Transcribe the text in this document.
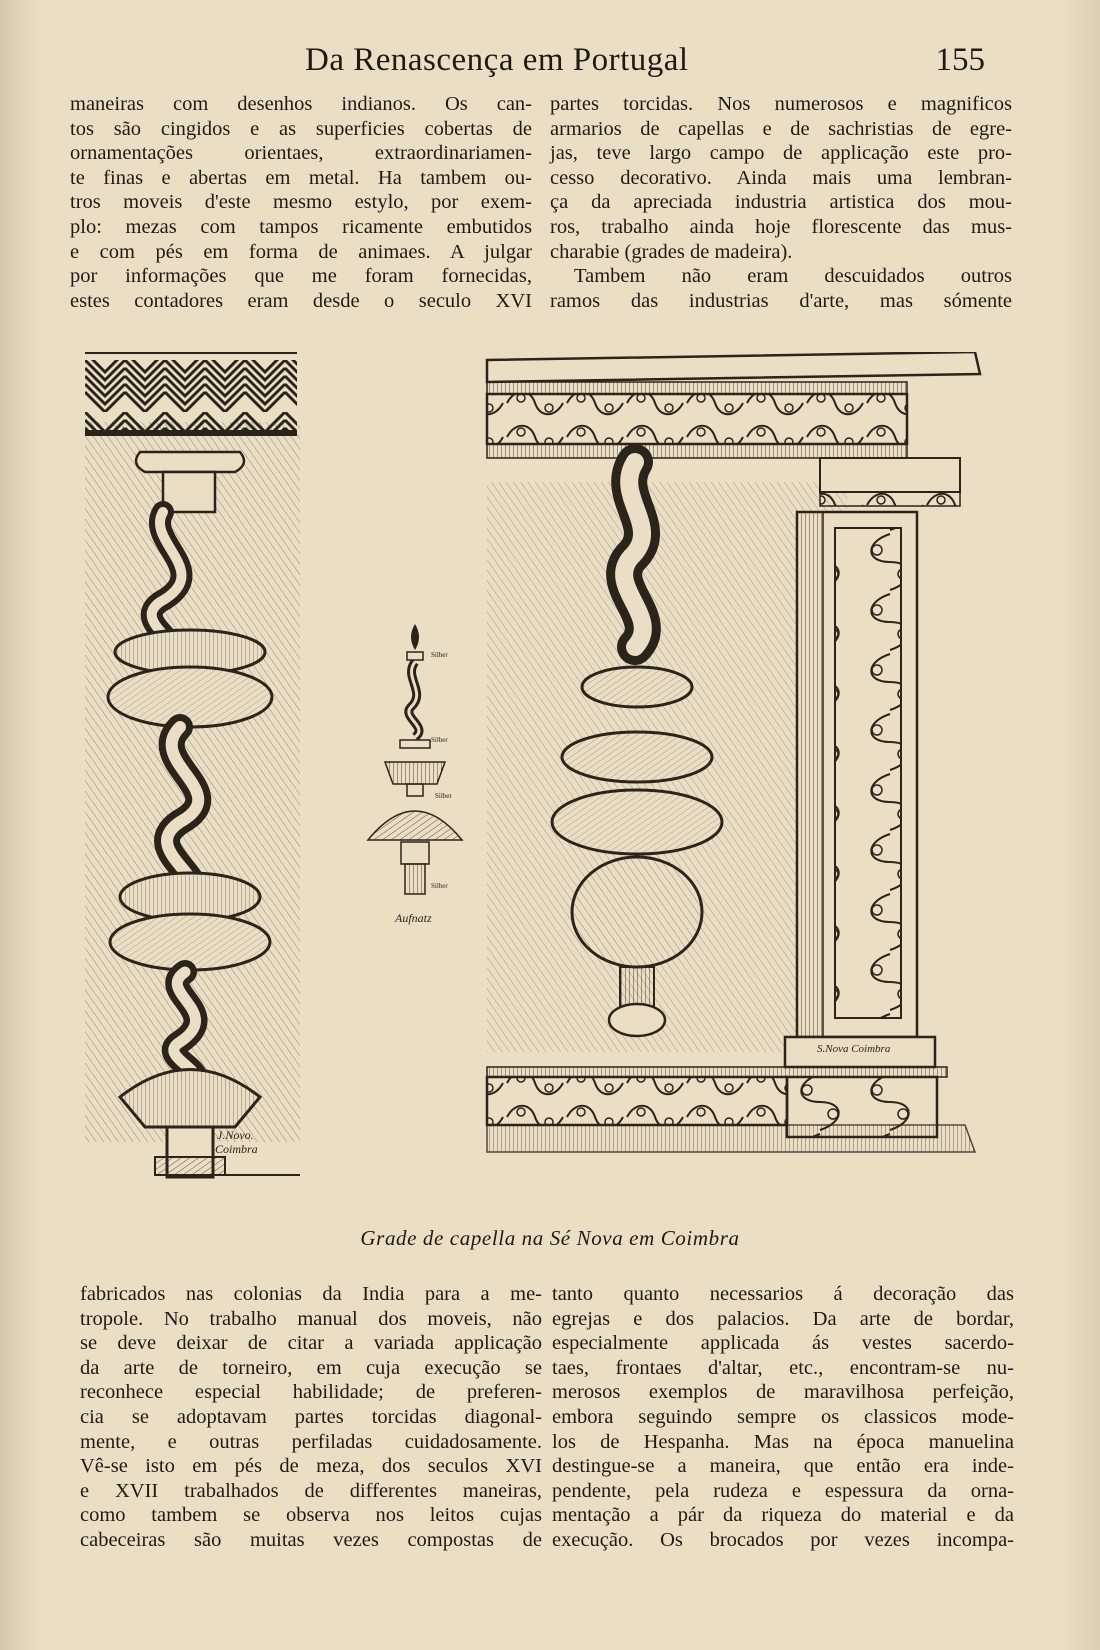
Da Renascença em Portugal	155
maneiras com desenhos indianos. Os can-
tos são cingidos e as superficies cobertas de
ornamentações orientaes, extraordinariamen-
te finas e abertas em metal. Ha tambem ou-
tros moveis d'este mesmo estylo, por exem-
plo: mezas com tampos ricamente embutidos
e com pés em forma de animaes. A julgar
por informações que me foram fornecidas,
estes contadores eram desde o seculo XVI
partes torcidas. Nos numerosos e magnificos
armarios de capellas e de sachristias de egre-
jas, teve largo campo de applicação este pro-
cesso decorativo. Ainda mais uma lembran-
ça da apreciada industria artistica dos mou-
ros, trabalho ainda hoje florescente das mus-
charabie (grades de madeira).
Tambem não eram descuidados outros
ramos das industrias d'arte, mas sómente
J.Novo.
Coimbra
Silber
Silber
Silber
Silber
Aufnatz
S.Nova Coimbra
Grade de capella na Sé Nova em Coimbra
fabricados nas colonias da India para a me-
tropole. No trabalho manual dos moveis, não
se deve deixar de citar a variada applicação
da arte de torneiro, em cuja execução se
reconhece especial habilidade; de preferen-
cia se adoptavam partes torcidas diagonal-
mente, e outras perfiladas cuidadosamente.
Vê-se isto em pés de meza, dos seculos XVI
e XVII trabalhados de differentes maneiras,
como tambem se observa nos leitos cujas
cabeceiras são muitas vezes compostas de
tanto quanto necessarios á decoração das
egrejas e dos palacios. Da arte de bordar,
especialmente applicada ás vestes sacerdo-
taes, frontaes d'altar, etc., encontram-se nu-
merosos exemplos de maravilhosa perfeição,
embora seguindo sempre os classicos mode-
los de Hespanha. Mas na época manuelina
destingue-se a maneira, que então era inde-
pendente, pela rudeza e espessura da orna-
mentação a pár da riqueza do material e da
execução. Os brocados por vezes incompa-
